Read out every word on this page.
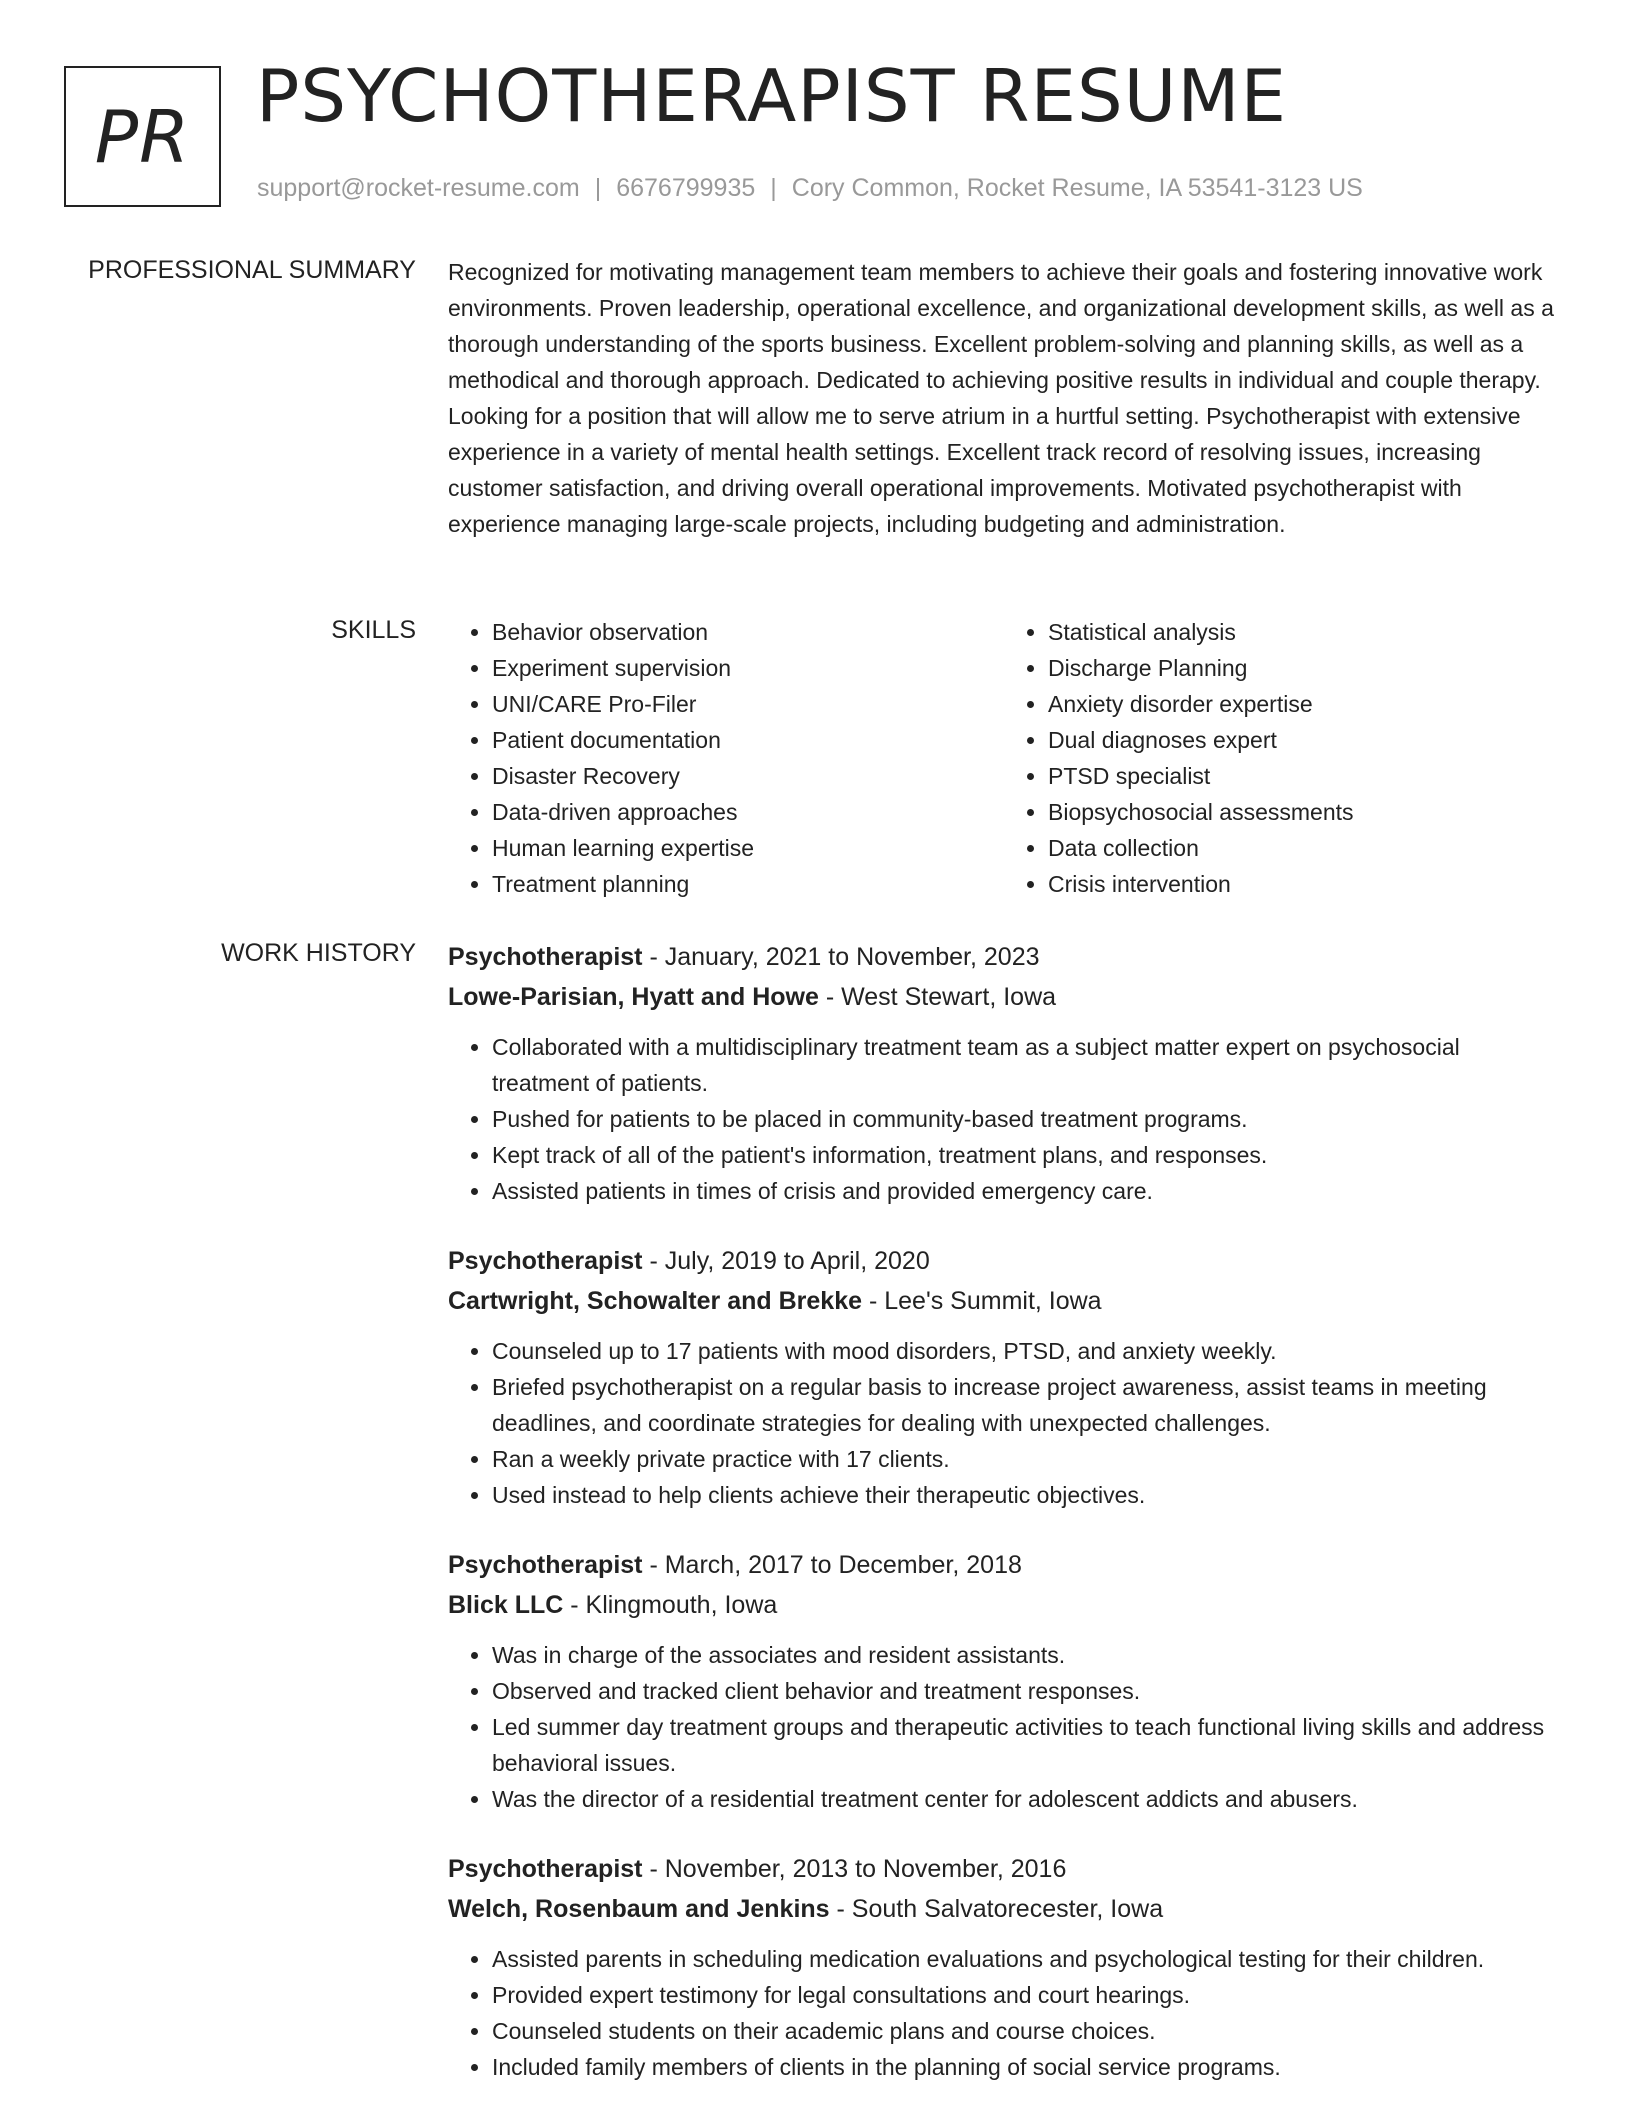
PR PSYCHOTHERAPIST RESUME
support@rocket-resume.com | 6676799935 | Cory Common, Rocket Resume, IA 53541-3123 US
PROFESSIONAL SUMMARY Recognized for motivating management team members to achieve their goals and fostering innovative work environments. Proven leadership, operational excellence, and organizational development skills, as well as a thorough understanding of the sports business. Excellent problem-solving and planning skills, as well as a methodical and thorough approach. Dedicated to achieving positive results in individual and couple therapy. Looking for a position that will allow me to serve atrium in a hurtful setting. Psychotherapist with extensive experience in a variety of mental health settings. Excellent track record of resolving issues, increasing customer satisfaction, and driving overall operational improvements. Motivated psychotherapist with experience managing large-scale projects, including budgeting and administration.

SKILLS
•	Behavior observation
• Experiment supervision
• UNI/CARE Pro-Filer
• Patient documentation
• Disaster Recovery
• Data-driven approaches
• Human learning expertise
• Treatment planning
• Statistical analysis
• Discharge Planning
• Anxiety disorder expertise
• Dual diagnoses expert
• PTSD specialist
• Biopsychosocial assessments
• Data collection
• Crisis intervention
WORK HISTORY Psychotherapist - January, 2021 to November, 2023
Lowe-Parisian, Hyatt and Howe - West Stewart, Iowa
• Collaborated with a multidisciplinary treatment team as a subject matter expert on psychosocial treatment of patients.
• Pushed for patients to be placed in community-based treatment programs.
• Kept track of all of the patient's information, treatment plans, and responses.
• Assisted patients in times of crisis and provided emergency care.
Psychotherapist - July, 2019 to April, 2020
Cartwright, Schowalter and Brekke - Lee's Summit, Iowa
• Counseled up to 17 patients with mood disorders, PTSD, and anxiety weekly.
• Briefed psychotherapist on a regular basis to increase project awareness, assist teams in meeting deadlines, and coordinate strategies for dealing with unexpected challenges.
• Ran a weekly private practice with 17 clients.
• Used instead to help clients achieve their therapeutic objectives.
Psychotherapist - March, 2017 to December, 2018
Blick LLC - Klingmouth, Iowa
• Was in charge of the associates and resident assistants.
• Observed and tracked client behavior and treatment responses.
• Led summer day treatment groups and therapeutic activities to teach functional living skills and address behavioral issues.
• Was the director of a residential treatment center for adolescent addicts and abusers.
Psychotherapist - November, 2013 to November, 2016
Welch, Rosenbaum and Jenkins - South Salvatorecester, Iowa
• Assisted parents in scheduling medication evaluations and psychological testing for their children.
• Provided expert testimony for legal consultations and court hearings.
• Counseled students on their academic plans and course choices.
• Included family members of clients in the planning of social service programs.
